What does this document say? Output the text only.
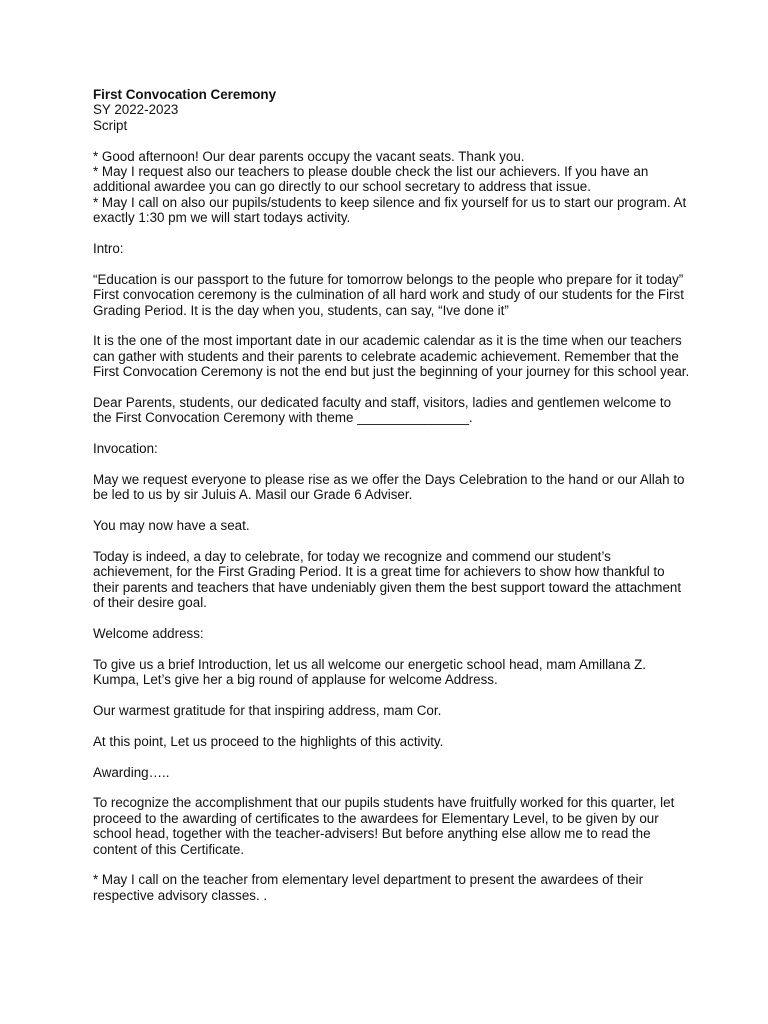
First Convocation Ceremony

SY 2022-2023

Script

* Good afternoon! Our dear parents occupy the vacant seats. Thank you.

* May I request also our teachers to please double check the list our achievers. If you have an additional awardee you can go directly to our school secretary to address that issue.

* May I call on also our pupils/students to keep silence and fix yourself for us to start our program. At exactly 1:30 pm we will start todays activity.

Intro:

“Education is our passport to the future for tomorrow belongs to the people who prepare for it today”

First convocation ceremony is the culmination of all hard work and study of our students for the First Grading Period. It is the day when you, students, can say, “Ive done it”

It is the one of the most important date in our academic calendar as it is the time when our teachers can gather with students and their parents to celebrate academic achievement. Remember that the First Convocation Ceremony is not the end but just the beginning of your journey for this school year.

Dear Parents, students, our dedicated faculty and staff, visitors, ladies and gentlemen welcome to the First Convocation Ceremony with theme _______________.

Invocation:

May we request everyone to please rise as we offer the Days Celebration to the hand or our Allah to be led to us by sir Juluis A. Masil our Grade 6 Adviser.

You may now have a seat.

Today is indeed, a day to celebrate, for today we recognize and commend our student’s achievement, for the First Grading Period. It is a great time for achievers to show how thankful to their parents and teachers that have undeniably given them the best support toward the attachment of their desire goal.

Welcome address:

To give us a brief Introduction, let us all welcome our energetic school head, mam Amillana Z. Kumpa, Let’s give her a big round of applause for welcome Address.

Our warmest gratitude for that inspiring address, mam Cor.

At this point, Let us proceed to the highlights of this activity.

Awarding…..

To recognize the accomplishment that our pupils students have fruitfully worked for this quarter, let proceed to the awarding of certificates to the awardees for Elementary Level, to be given by our school head, together with the teacher-advisers! But before anything else allow me to read the content of this Certificate.

* May I call on the teacher from elementary level department to present the awardees of their respective advisory classes. .
